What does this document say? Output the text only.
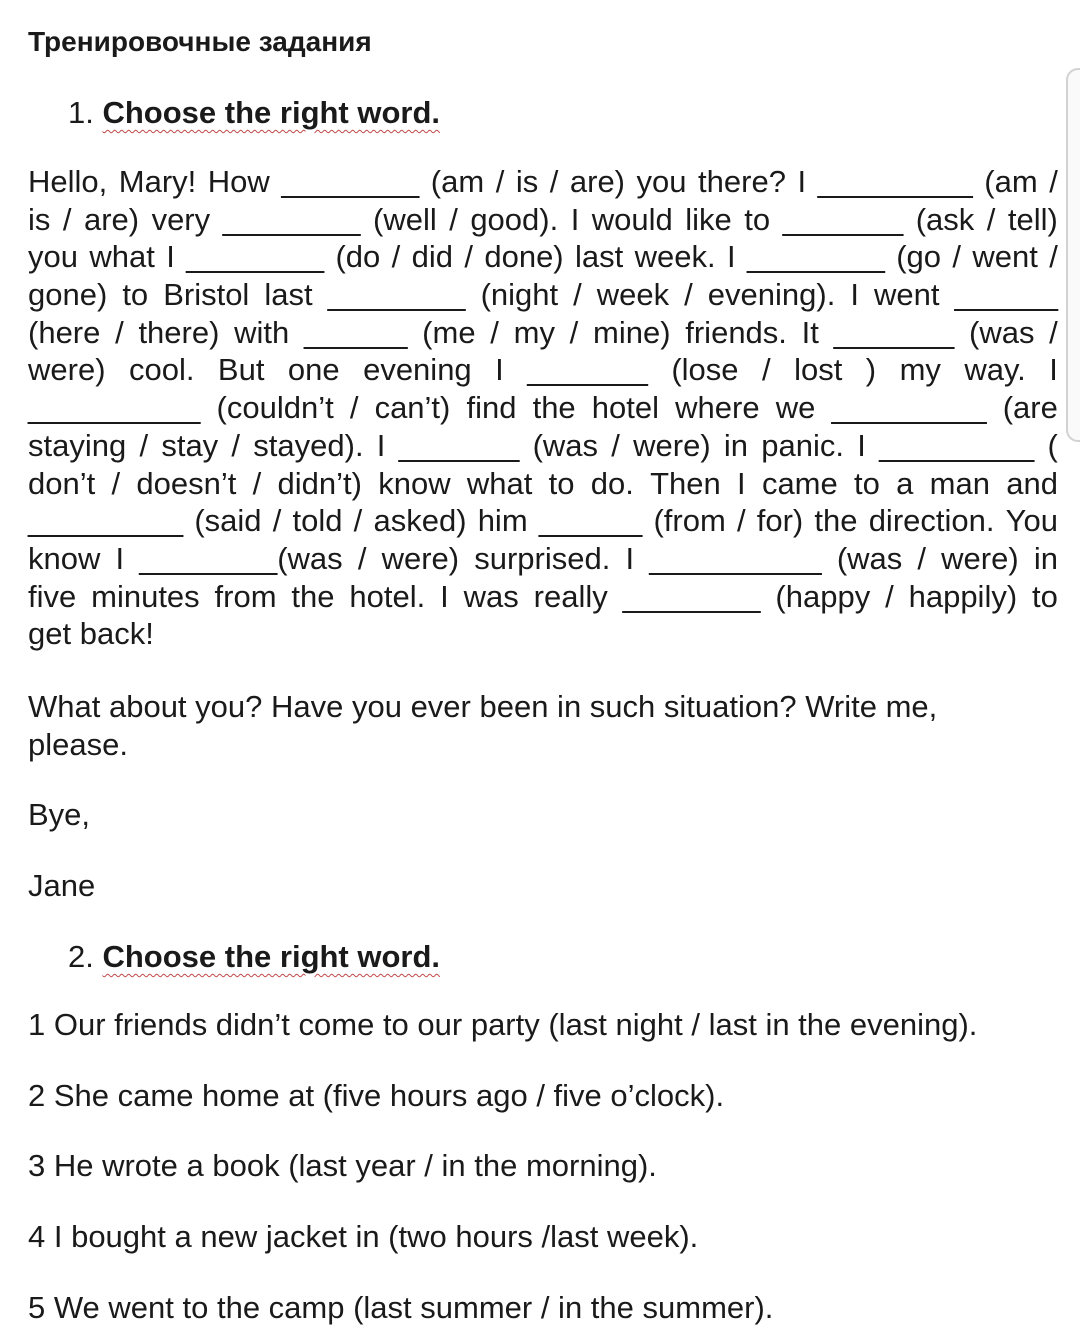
Тренировочные задания
1. Choose the right word.
Hello, Mary! How ________ (am / is / are) you there? I _________ (am /
is / are) very ________ (well / good). I would like to _______ (ask / tell)
you what I ________ (do / did / done) last week. I ________ (go / went /
gone) to Bristol last ________ (night / week / evening). I went ______
(here / there) with ______ (me / my / mine) friends. It _______ (was /
were) cool. But one evening I _______ (lose / lost ) my way. I
__________ (couldn’t / can’t) find the hotel where we _________ (are
staying / stay / stayed). I _______ (was / were) in panic. I _________ (
don’t / doesn’t / didn’t) know what to do. Then I came to a man and
_________ (said / told / asked) him ______ (from / for) the direction. You
know I ________(was / were) surprised. I __________ (was / were) in
five minutes from the hotel. I was really ________ (happy / happily) to
get back!
What about you? Have you ever been in such situation? Write me,
please.
Bye,
Jane
2. Choose the right word.
1 Our friends didn’t come to our party (last night / last in the evening).
2 She came home at (five hours ago / five o’clock).
3 He wrote a book (last year / in the morning).
4 I bought a new jacket in (two hours /last week).
5 We went to the camp (last summer / in the summer).
